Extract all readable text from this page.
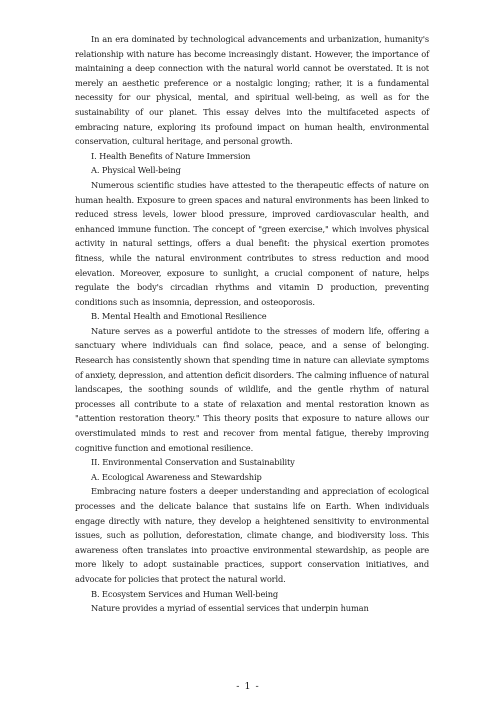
In an era dominated by technological advancements and urbanization, humanity's relationship with nature has become increasingly distant. However, the importance of maintaining a deep connection with the natural world cannot be overstated. It is not merely an aesthetic preference or a nostalgic longing; rather, it is a fundamental necessity for our physical, mental, and spiritual well-being, as well as for the sustainability of our planet. This essay delves into the multifaceted aspects of embracing nature, exploring its profound impact on human health, environmental conservation, cultural heritage, and personal growth.

I. Health Benefits of Nature Immersion

A. Physical Well-being

Numerous scientific studies have attested to the therapeutic effects of nature on human health. Exposure to green spaces and natural environments has been linked to reduced stress levels, lower blood pressure, improved cardiovascular health, and enhanced immune function. The concept of "green exercise," which involves physical activity in natural settings, offers a dual benefit: the physical exertion promotes fitness, while the natural environment contributes to stress reduction and mood elevation. Moreover, exposure to sunlight, a crucial component of nature, helps regulate the body's circadian rhythms and vitamin D production, preventing conditions such as insomnia, depression, and osteoporosis.

B. Mental Health and Emotional Resilience

Nature serves as a powerful antidote to the stresses of modern life, offering a sanctuary where individuals can find solace, peace, and a sense of belonging. Research has consistently shown that spending time in nature can alleviate symptoms of anxiety, depression, and attention deficit disorders. The calming influence of natural landscapes, the soothing sounds of wildlife, and the gentle rhythm of natural processes all contribute to a state of relaxation and mental restoration known as "attention restoration theory." This theory posits that exposure to nature allows our overstimulated minds to rest and recover from mental fatigue, thereby improving cognitive function and emotional resilience.

II. Environmental Conservation and Sustainability

A. Ecological Awareness and Stewardship

Embracing nature fosters a deeper understanding and appreciation of ecological processes and the delicate balance that sustains life on Earth. When individuals engage directly with nature, they develop a heightened sensitivity to environmental issues, such as pollution, deforestation, climate change, and biodiversity loss. This awareness often translates into proactive environmental stewardship, as people are more likely to adopt sustainable practices, support conservation initiatives, and advocate for policies that protect the natural world.

B. Ecosystem Services and Human Well-being

Nature provides a myriad of essential services that underpin human

- 1 -
